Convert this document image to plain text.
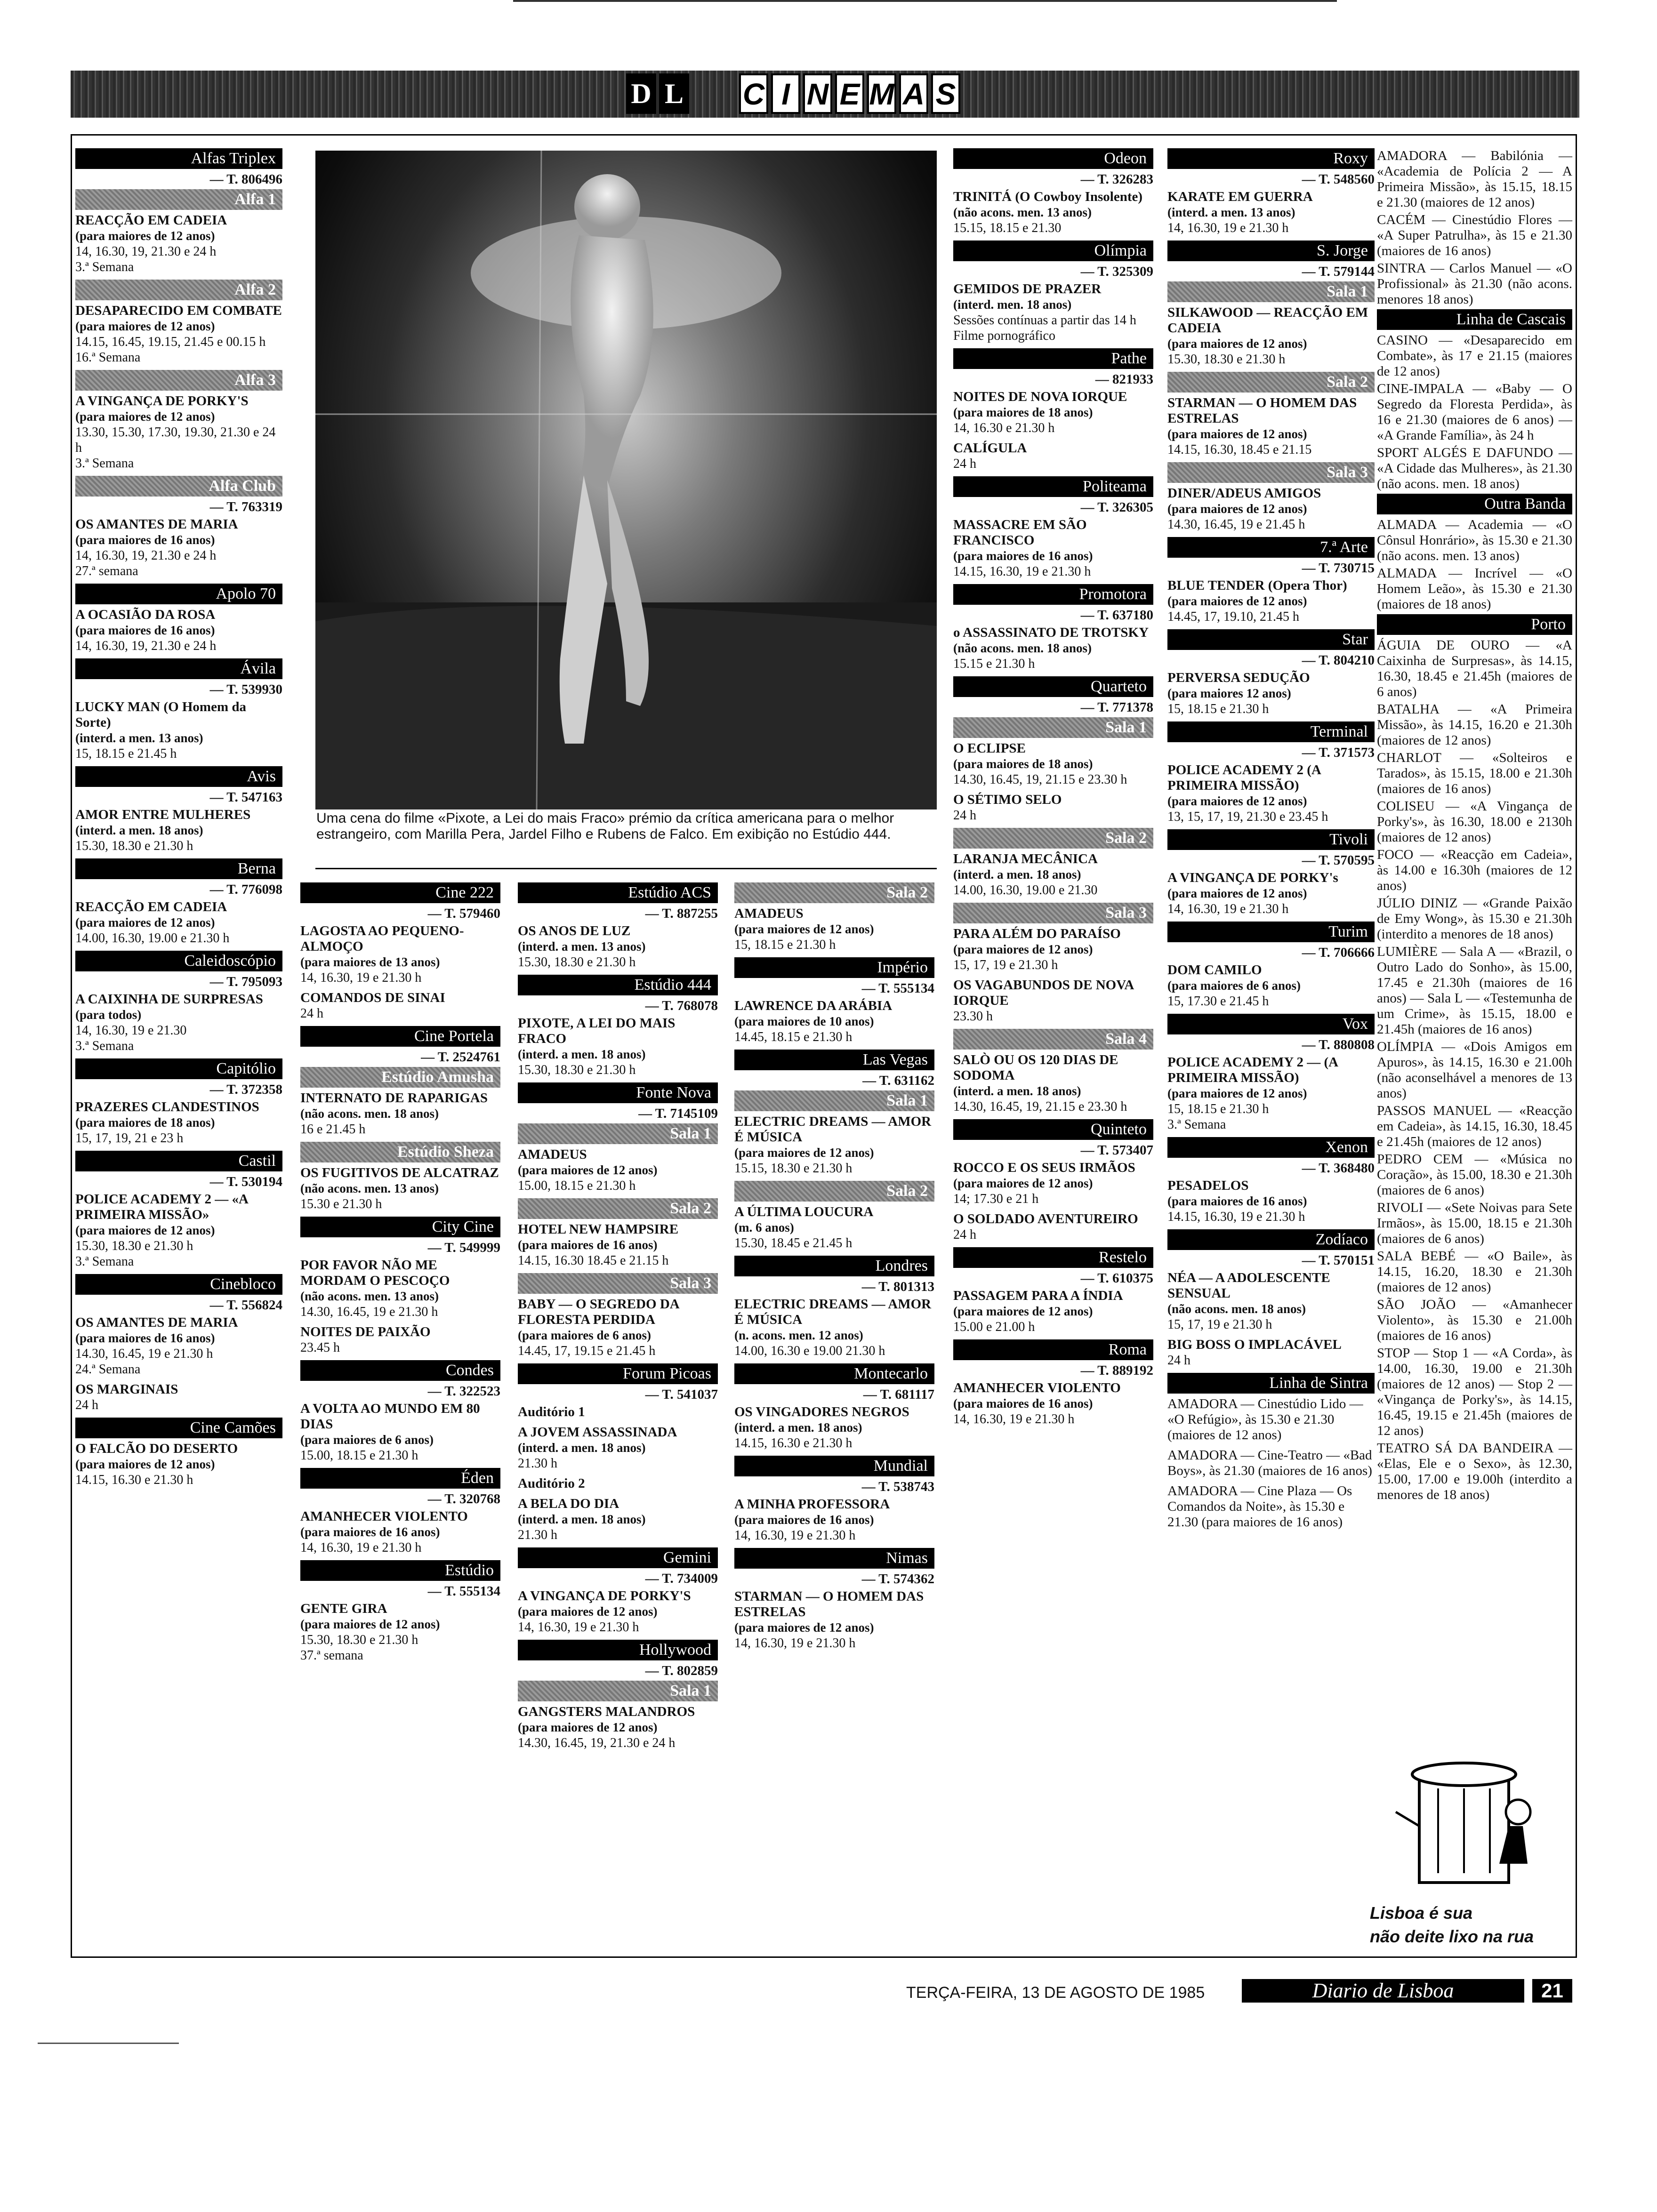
D L C I N E M A S
Alfas Triplex
— T. 806496
Alfa 1
REACÇÃO EM CADEIA
(para maiores de 12 anos)
14, 16.30, 19, 21.30 e 24 h
3.ª Semana
Alfa 2
DESAPARECIDO EM COMBATE
(para maiores de 12 anos)
14.15, 16.45, 19.15, 21.45 e 00.15 h
16.ª Semana
Alfa 3
A VINGANÇA DE PORKY'S
(para maiores de 12 anos)
13.30, 15.30, 17.30, 19.30, 21.30 e 24 h
3.ª Semana
Alfa Club
— T. 763319
OS AMANTES DE MARIA
(para maiores de 16 anos)
14, 16.30, 19, 21.30 e 24 h
27.ª semana
Apolo 70
A OCASIÃO DA ROSA
(para maiores de 16 anos)
14, 16.30, 19, 21.30 e 24 h
Ávila
— T. 539930
LUCKY MAN (O Homem da Sorte)
(interd. a men. 13 anos)
15, 18.15 e 21.45 h
Avis
— T. 547163
AMOR ENTRE MULHERES
(interd. a men. 18 anos)
15.30, 18.30 e 21.30 h
Berna
— T. 776098
REACÇÃO EM CADEIA
(para maiores de 12 anos)
14.00, 16.30, 19.00 e 21.30 h
Caleidoscópio
— T. 795093
A CAIXINHA DE SURPRESAS
(para todos)
14, 16.30, 19 e 21.30
3.ª Semana
Capitólio
— T. 372358
PRAZERES CLANDESTINOS
(para maiores de 18 anos)
15, 17, 19, 21 e 23 h
Castil
— T. 530194
POLICE ACADEMY 2 — «A PRIMEIRA MISSÃO»
(para maiores de 12 anos)
15.30, 18.30 e 21.30 h
3.ª Semana
Cinebloco
— T. 556824
OS AMANTES DE MARIA
(para maiores de 16 anos)
14.30, 16.45, 19 e 21.30 h
24.ª Semana
OS MARGINAIS
24 h
Cine Camões
O FALCÃO DO DESERTO
(para maiores de 12 anos)
14.15, 16.30 e 21.30 h
Uma cena do filme «Pixote, a Lei do mais Fraco» prémio da crítica americana para o melhor estrangeiro, com Marilla Pera, Jardel Filho e Rubens de Falco. Em exibição no Estúdio 444.
Cine 222
— T. 579460
LAGOSTA AO PEQUENO-ALMOÇO
(para maiores de 13 anos)
14, 16.30, 19 e 21.30 h
COMANDOS DE SINAI
24 h
Cine Portela
— T. 2524761
Estúdio Amusha
INTERNATO DE RAPARIGAS
(não acons. men. 18 anos)
16 e 21.45 h
Estúdio Sheza
OS FUGITIVOS DE ALCATRAZ
(não acons. men. 13 anos)
15.30 e 21.30 h
City Cine
— T. 549999
POR FAVOR NÃO ME MORDAM O PESCOÇO
(não acons. men. 13 anos)
14.30, 16.45, 19 e 21.30 h
NOITES DE PAIXÃO
23.45 h
Condes
— T. 322523
A VOLTA AO MUNDO EM 80 DIAS
(para maiores de 6 anos)
15.00, 18.15 e 21.30 h
Éden
— T. 320768
AMANHECER VIOLENTO
(para maiores de 16 anos)
14, 16.30, 19 e 21.30 h
Estúdio
— T. 555134
GENTE GIRA
(para maiores de 12 anos)
15.30, 18.30 e 21.30 h
37.ª semana
Estúdio ACS
— T. 887255
OS ANOS DE LUZ
(interd. a men. 13 anos)
15.30, 18.30 e 21.30 h
Estúdio 444
— T. 768078
PIXOTE, A LEI DO MAIS FRACO
(interd. a men. 18 anos)
15.30, 18.30 e 21.30 h
Fonte Nova
— T. 7145109
Sala 1
AMADEUS
(para maiores de 12 anos)
15.00, 18.15 e 21.30 h
Sala 2
HOTEL NEW HAMPSIRE
(para maiores de 16 anos)
14.15, 16.30 18.45 e 21.15 h
Sala 3
BABY — O SEGREDO DA FLORESTA PERDIDA
(para maiores de 6 anos)
14.45, 17, 19.15 e 21.45 h
Forum Picoas
— T. 541037
Auditório 1
A JOVEM ASSASSINADA
(interd. a men. 18 anos)
21.30 h
Auditório 2
A BELA DO DIA
(interd. a men. 18 anos)
21.30 h
Gemini
— T. 734009
A VINGANÇA DE PORKY'S
(para maiores de 12 anos)
14, 16.30, 19 e 21.30 h
Hollywood
— T. 802859
Sala 1
GANGSTERS MALANDROS
(para maiores de 12 anos)
14.30, 16.45, 19, 21.30 e 24 h
Sala 2
AMADEUS
(para maiores de 12 anos)
15, 18.15 e 21.30 h
Império
— T. 555134
LAWRENCE DA ARÁBIA
(para maiores de 10 anos)
14.45, 18.15 e 21.30 h
Las Vegas
— T. 631162
Sala 1
ELECTRIC DREAMS — AMOR É MÚSICA
(para maiores de 12 anos)
15.15, 18.30 e 21.30 h
Sala 2
A ÚLTIMA LOUCURA
(m. 6 anos)
15.30, 18.45 e 21.45 h
Londres
— T. 801313
ELECTRIC DREAMS — AMOR É MÚSICA
(n. acons. men. 12 anos)
14.00, 16.30 e 19.00 21.30 h
Montecarlo
— T. 681117
OS VINGADORES NEGROS
(interd. a men. 18 anos)
14.15, 16.30 e 21.30 h
Mundial
— T. 538743
A MINHA PROFESSORA
(para maiores de 16 anos)
14, 16.30, 19 e 21.30 h
Nimas
— T. 574362
STARMAN — O HOMEM DAS ESTRELAS
(para maiores de 12 anos)
14, 16.30, 19 e 21.30 h
Odeon
— T. 326283
TRINITÁ (O Cowboy Insolente)
(não acons. men. 13 anos)
15.15, 18.15 e 21.30
Olímpia
— T. 325309
GEMIDOS DE PRAZER
(interd. men. 18 anos)
Sessões contínuas a partir das 14 h
Filme pornográfico
Pathe
— 821933
NOITES DE NOVA IORQUE
(para maiores de 18 anos)
14, 16.30 e 21.30 h
CALÍGULA
24 h
Politeama
— T. 326305
MASSACRE EM SÃO FRANCISCO
(para maiores de 16 anos)
14.15, 16.30, 19 e 21.30 h
Promotora
— T. 637180
o ASSASSINATO DE TROTSKY
(não acons. men. 18 anos)
15.15 e 21.30 h
Quarteto
— T. 771378
Sala 1
O ECLIPSE
(para maiores de 18 anos)
14.30, 16.45, 19, 21.15 e 23.30 h
O SÉTIMO SELO
24 h
Sala 2
LARANJA MECÂNICA
(interd. a men. 18 anos)
14.00, 16.30, 19.00 e 21.30
Sala 3
PARA ALÉM DO PARAÍSO
(para maiores de 12 anos)
15, 17, 19 e 21.30 h
OS VAGABUNDOS DE NOVA IORQUE
23.30 h
Sala 4
SALÒ OU OS 120 DIAS DE SODOMA
(interd. a men. 18 anos)
14.30, 16.45, 19, 21.15 e 23.30 h
Quinteto
— T. 573407
ROCCO E OS SEUS IRMÃOS
(para maiores de 12 anos)
14; 17.30 e 21 h
O SOLDADO AVENTUREIRO
24 h
Restelo
— T. 610375
PASSAGEM PARA A ÍNDIA
(para maiores de 12 anos)
15.00 e 21.00 h
Roma
— T. 889192
AMANHECER VIOLENTO
(para maiores de 16 anos)
14, 16.30, 19 e 21.30 h
Roxy
— T. 548560
KARATE EM GUERRA
(interd. a men. 13 anos)
14, 16.30, 19 e 21.30 h
S. Jorge
— T. 579144
Sala 1
SILKAWOOD — REACÇÃO EM CADEIA
(para maiores de 12 anos)
15.30, 18.30 e 21.30 h
Sala 2
STARMAN — O HOMEM DAS ESTRELAS
(para maiores de 12 anos)
14.15, 16.30, 18.45 e 21.15
Sala 3
DINER/ADEUS AMIGOS
(para maiores de 12 anos)
14.30, 16.45, 19 e 21.45 h
7.ª Arte
— T. 730715
BLUE TENDER (Opera Thor)
(para maiores de 12 anos)
14.45, 17, 19.10, 21.45 h
Star
— T. 804210
PERVERSA SEDUÇÃO
(para maiores 12 anos)
15, 18.15 e 21.30 h
Terminal
— T. 371573
POLICE ACADEMY 2 (A PRIMEIRA MISSÃO)
(para maiores de 12 anos)
13, 15, 17, 19, 21.30 e 23.45 h
Tivoli
— T. 570595
A VINGANÇA DE PORKY's
(para maiores de 12 anos)
14, 16.30, 19 e 21.30 h
Turim
— T. 706666
DOM CAMILO
(para maiores de 6 anos)
15, 17.30 e 21.45 h
Vox
— T. 880808
POLICE ACADEMY 2 — (A PRIMEIRA MISSÃO)
(para maiores de 12 anos)
15, 18.15 e 21.30 h
3.ª Semana
Xenon
— T. 368480
PESADELOS
(para maiores de 16 anos)
14.15, 16.30, 19 e 21.30 h
Zodíaco
— T. 570151
NÉA — A ADOLESCENTE SENSUAL
(não acons. men. 18 anos)
15, 17, 19 e 21.30 h
BIG BOSS O IMPLACÁVEL
24 h
Linha de Sintra
AMADORA — Cinestúdio Lido — «O Refúgio», às 15.30 e 21.30 (maiores de 12 anos)
AMADORA — Cine-Teatro — «Bad Boys», às 21.30 (maiores de 16 anos)
AMADORA — Cine Plaza — Os Comandos da Noite», às 15.30 e 21.30 (para maiores de 16 anos)
AMADORA — Babilónia — «Academia de Polícia 2 — A Primeira Missão», às 15.15, 18.15 e 21.30 (maiores de 12 anos)
CACÉM — Cinestúdio Flores — «A Super Patrulha», às 15 e 21.30 (maiores de 16 anos)
SINTRA — Carlos Manuel — «O Profissional» às 21.30 (não acons. menores 18 anos)
Linha de Cascais
CASINO — «Desaparecido em Combate», às 17 e 21.15 (maiores de 12 anos)
CINE-IMPALA — «Baby — O Segredo da Floresta Perdida», às 16 e 21.30 (maiores de 6 anos) — «A Grande Família», às 24 h
SPORT ALGÉS E DAFUNDO — «A Cidade das Mulheres», às 21.30 (não acons. men. 18 anos)
Outra Banda
ALMADA — Academia — «O Cônsul Honrário», às 15.30 e 21.30 (não acons. men. 13 anos)
ALMADA — Incrível — «O Homem Leão», às 15.30 e 21.30 (maiores de 18 anos)
Porto
ÁGUIA DE OURO — «A Caixinha de Surpresas», às 14.15, 16.30, 18.45 e 21.45h (maiores de 6 anos)
BATALHA — «A Primeira Missão», às 14.15, 16.20 e 21.30h (maiores de 12 anos)
CHARLOT — «Solteiros e Tarados», às 15.15, 18.00 e 21.30h (maiores de 16 anos)
COLISEU — «A Vingança de Porky's», às 16.30, 18.00 e 2130h (maiores de 12 anos)
FOCO — «Reacção em Cadeia», às 14.00 e 16.30h (maiores de 12 anos)
JÚLIO DINIZ — «Grande Paixão de Emy Wong», às 15.30 e 21.30h (interdito a menores de 18 anos)
LUMIÈRE — Sala A — «Brazil, o Outro Lado do Sonho», às 15.00, 17.45 e 21.30h (maiores de 16 anos) — Sala L — «Testemunha de um Crime», às 15.15, 18.00 e 21.45h (maiores de 16 anos)
OLÍMPIA — «Dois Amigos em Apuros», às 14.15, 16.30 e 21.00h (não aconselhável a menores de 13 anos)
PASSOS MANUEL — «Reacção em Cadeia», às 14.15, 16.30, 18.45 e 21.45h (maiores de 12 anos)
PEDRO CEM — «Música no Coração», às 15.00, 18.30 e 21.30h (maiores de 6 anos)
RIVOLI — «Sete Noivas para Sete Irmãos», às 15.00, 18.15 e 21.30h (maiores de 6 anos)
SALA BEBÉ — «O Baile», às 14.15, 16.20, 18.30 e 21.30h (maiores de 12 anos)
SÃO JOÃO — «Amanhecer Violento», às 15.30 e 21.00h (maiores de 16 anos)
STOP — Stop 1 — «A Corda», às 14.00, 16.30, 19.00 e 21.30h (maiores de 12 anos) — Stop 2 — «Vingança de Porky's», às 14.15, 16.45, 19.15 e 21.45h (maiores de 12 anos)
TEATRO SÁ DA BANDEIRA — «Elas, Ele e o Sexo», às 12.30, 15.00, 17.00 e 19.00h (interdito a menores de 18 anos)
Lisboa é sua
não deite lixo na rua
TERÇA-FEIRA, 13 DE AGOSTO DE 1985	Diario de Lisboa	21
